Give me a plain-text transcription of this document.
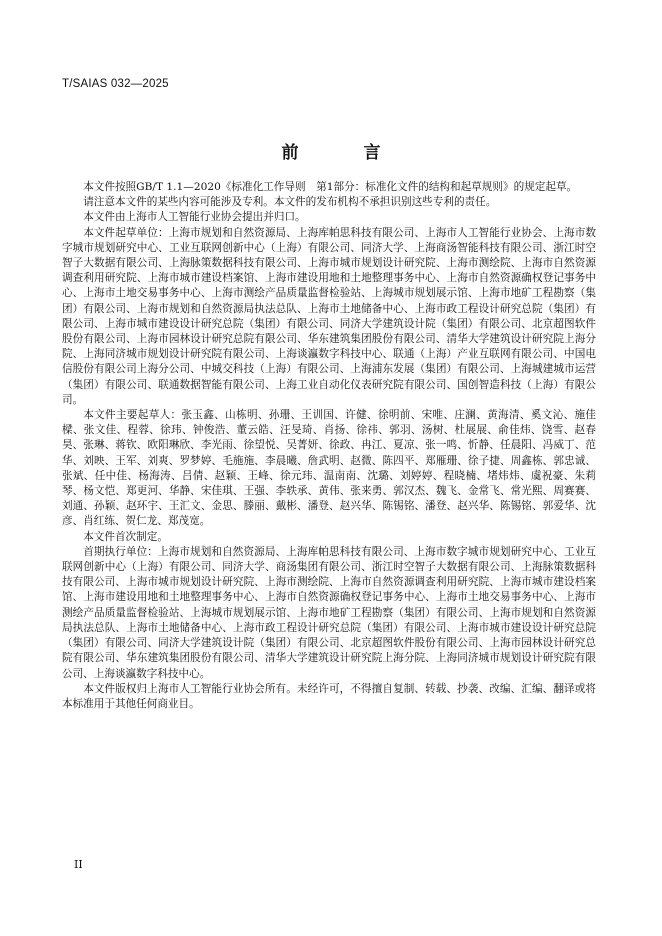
T/SAIAS 032—2025
前　言

本文件按照GB/T 1.1—2020《标准化工作导则　第1部分：标准化文件的结构和起草规则》的规定起草。

请注意本文件的某些内容可能涉及专利。本文件的发布机构不承担识别这些专利的责任。

本文件由上海市人工智能行业协会提出并归口。

本文件起草单位：上海市规划和自然资源局、上海库帕思科技有限公司、上海市人工智能行业协会、上海市数字城市规划研究中心、工业互联网创新中心（上海）有限公司、同济大学、上海商汤智能科技有限公司、浙江时空智子大数据有限公司、上海脉策数据科技有限公司、上海市城市规划设计研究院、上海市测绘院、上海市自然资源调查利用研究院、上海市城市建设档案馆、上海市建设用地和土地整理事务中心、上海市自然资源确权登记事务中心、上海市土地交易事务中心、上海市测绘产品质量监督检验站、上海城市规划展示馆、上海市地矿工程勘察（集团）有限公司、上海市规划和自然资源局执法总队、上海市土地储备中心、上海市政工程设计研究总院（集团）有限公司、上海市城市建设设计研究总院（集团）有限公司、同济大学建筑设计院（集团）有限公司、北京超图软件股份有限公司、上海市园林设计研究总院有限公司、华东建筑集团股份有限公司、清华大学建筑设计研究院上海分院、上海同济城市规划设计研究院有限公司、上海谈瀛数字科技中心、联通（上海）产业互联网有限公司、中国电信股份有限公司上海分公司、中城交科技（上海）有限公司、上海浦东发展（集团）有限公司、上海城建城市运营（集团）有限公司、联通数据智能有限公司、上海工业自动化仪表研究院有限公司、国创智造科技（上海）有限公司。

本文件主要起草人：张玉鑫、山栋明、孙珊、王训国、许健、徐明前、宋唯、庄澜、黄海清、奚文沁、施佳樑、张文佳、程蓉、徐玮、钟俊浩、董云皓、汪旻琦、肖扬、徐祎、郭羽、汤树、杜展展、俞佳炜、饶雪、赵春昊、张琳、蒋钦、欧阳琳欣、李光雨、徐望悦、吴菁妍、徐政、冉江、夏凉、张一鸣、忻静、任晨阳、冯威丁、范华、刘映、王军、刘爽、罗梦婷、毛施施、李晨曦、詹武明、赵微、陈四平、郑雁珊、徐子捷、周鑫栋、郭忠诚、张斌、任中佳、杨海涛、吕倩、赵颖、王峰、徐元玮、温南南、沈璐、刘婷婷、程晓楠、堵炜炜、虞祝豪、朱莉琴、杨文恺、郑更河、华静、宋佳琪、王强、李轶承、黄伟、张来勇、郭汉杰、魏飞、金常飞、常光熙、周赛赛、刘通、孙颖、赵环宇、王汇文、金思、滕丽、戴彬、潘登、赵兴华、陈锡铭、潘登、赵兴华、陈锡铭、郭爱华、沈彦、肖红练、贺仁龙、郑茂宽。

本文件首次制定。

首期执行单位：上海市规划和自然资源局、上海库帕思科技有限公司、上海市数字城市规划研究中心、工业互联网创新中心（上海）有限公司、同济大学、商汤集团有限公司、浙江时空智子大数据有限公司、上海脉策数据科技有限公司、上海市城市规划设计研究院、上海市测绘院、上海市自然资源调查利用研究院、上海市城市建设档案馆、上海市建设用地和土地整理事务中心、上海市自然资源确权登记事务中心、上海市土地交易事务中心、上海市测绘产品质量监督检验站、上海城市规划展示馆、上海市地矿工程勘察（集团）有限公司、上海市规划和自然资源局执法总队、上海市土地储备中心、上海市政工程设计研究总院（集团）有限公司、上海市城市建设设计研究总院（集团）有限公司、同济大学建筑设计院（集团）有限公司、北京超图软件股份有限公司、上海市园林设计研究总院有限公司、华东建筑集团股份有限公司、清华大学建筑设计研究院上海分院、上海同济城市规划设计研究院有限公司、上海谈瀛数字科技中心。

本文件版权归上海市人工智能行业协会所有。未经许可，不得擅自复制、转载、抄袭、改编、汇编、翻译或将本标准用于其他任何商业目。

II
